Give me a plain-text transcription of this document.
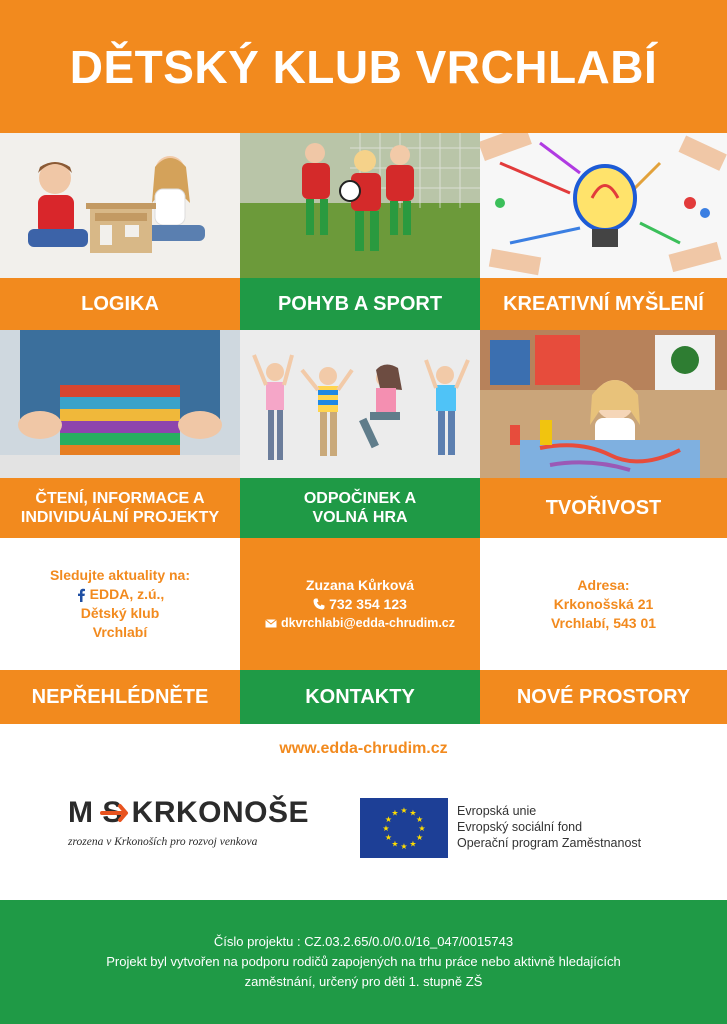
DĚTSKÝ KLUB VRCHLABÍ
LOGIKA	POHYB A SPORT	KREATIVNÍ MYŠLENÍ
ČTENÍ, INFORMACE A
INDIVIDUÁLNÍ PROJEKTY
ODPOČINEK A
VOLNÁ HRA	TVOŘIVOST
Sledujte aktuality na:
EDDA, z.ú.,
Dětský klub
Vrchlabí
Zuzana Kůrková
732 354 123
dkvrchlabi@edda-chrudim.cz
Adresa:
Krkonošská 21
Vrchlabí, 543 01
NEPŘEHLÉDNĚTE	KONTAKTY	NOVÉ PROSTORY
www.edda-chrudim.cz
M S KRKONOŠE
zrozena v Krkonoších pro rozvoj venkova
★ ★
★
★
★
★
★
★
★
★
★
★	Evropská unie
Evropský sociální fond
Operační program Zaměstnanost
Číslo projektu : CZ.03.2.65/0.0/0.0/16_047/0015743
Projekt byl vytvořen na podporu rodičů zapojených na trhu práce nebo aktivně hledajících
zaměstnání, určený pro děti 1. stupně ZŠ
